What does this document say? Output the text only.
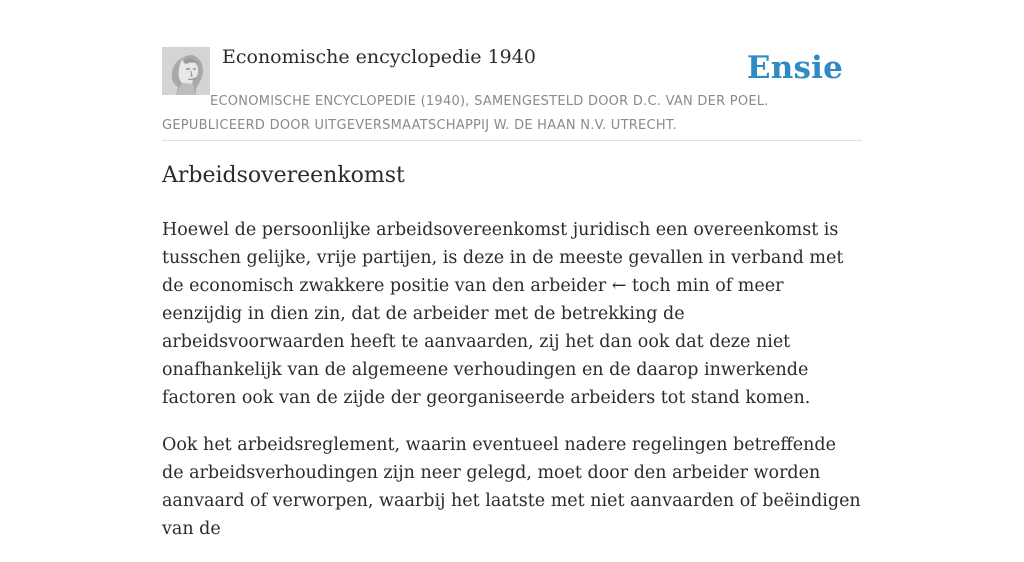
Economische encyclopedie 1940	Ensie
ECONOMISCHE ENCYCLOPEDIE (1940), SAMENGESTELD DOOR D.C. VAN DER POEL. GEPUBLICEERD DOOR UITGEVERSMAATSCHAPPIJ W. DE HAAN N.V. UTRECHT.
Arbeidsovereenkomst

Hoewel de persoonlijke arbeidsovereenkomst juridisch een overeenkomst is tusschen gelijke, vrije partijen, is deze in de meeste gevallen in verband met de economisch zwakkere positie van den arbeider ← toch min of meer eenzijdig in dien zin, dat de arbeider met de betrekking de arbeidsvoorwaarden heeft te aanvaarden, zij het dan ook dat deze niet onafhankelijk van de algemeene verhoudingen en de daarop inwerkende factoren ook van de zijde der georganiseerde arbeiders tot stand komen.

Ook het arbeidsreglement, waarin eventueel nadere regelingen betreffende de arbeidsverhoudingen zijn neer gelegd, moet door den arbeider worden aanvaard of verworpen, waarbij het laatste met niet aanvaarden of beëindigen van de
